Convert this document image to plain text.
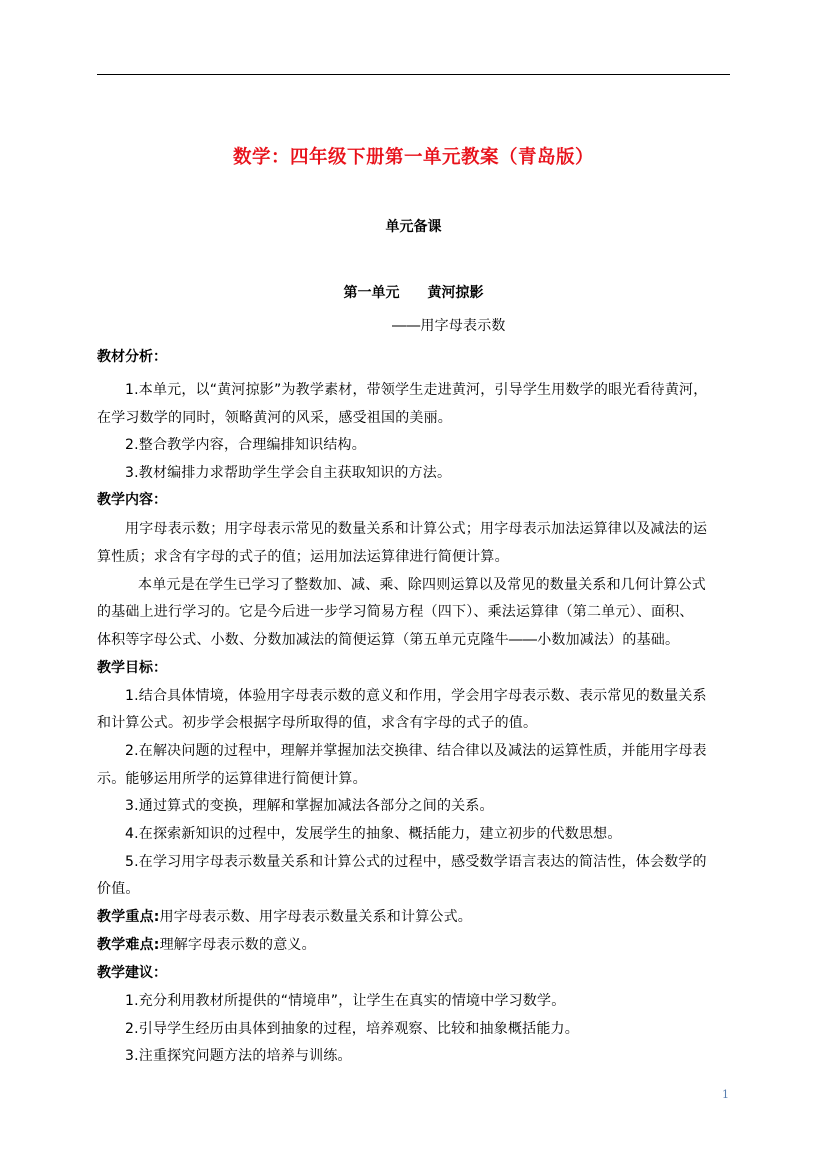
数学：四年级下册第一单元教案（青岛版）
单元备课
第一单元　　黄河掠影
――用字母表示数
教材分析：
1.本单元，以“黄河掠影”为教学素材，带领学生走进黄河，引导学生用数学的眼光看待黄河，
在学习数学的同时，领略黄河的风采，感受祖国的美丽。
2.整合教学内容，合理编排知识结构。
3.教材编排力求帮助学生学会自主获取知识的方法。
教学内容：
用字母表示数；用字母表示常见的数量关系和计算公式；用字母表示加法运算律以及减法的运
算性质；求含有字母的式子的值；运用加法运算律进行简便计算。
本单元是在学生已学习了整数加、减、乘、除四则运算以及常见的数量关系和几何计算公式
的基础上进行学习的。它是今后进一步学习简易方程（四下）、乘法运算律（第二单元）、面积、
体积等字母公式、小数、分数加减法的简便运算（第五单元克隆牛――小数加减法）的基础。
教学目标：
1.结合具体情境，体验用字母表示数的意义和作用，学会用字母表示数、表示常见的数量关系
和计算公式。初步学会根据字母所取得的值，求含有字母的式子的值。
2.在解决问题的过程中，理解并掌握加法交换律、结合律以及减法的运算性质，并能用字母表
示。能够运用所学的运算律进行简便计算。
3.通过算式的变换，理解和掌握加减法各部分之间的关系。
4.在探索新知识的过程中，发展学生的抽象、概括能力，建立初步的代数思想。
5.在学习用字母表示数量关系和计算公式的过程中，感受数学语言表达的简洁性，体会数学的
价值。
教学重点:用字母表示数、用字母表示数量关系和计算公式。
教学难点:理解字母表示数的意义。
教学建议：
1.充分利用教材所提供的“情境串”，让学生在真实的情境中学习数学。
2.引导学生经历由具体到抽象的过程，培养观察、比较和抽象概括能力。
3.注重探究问题方法的培养与训练。
1
